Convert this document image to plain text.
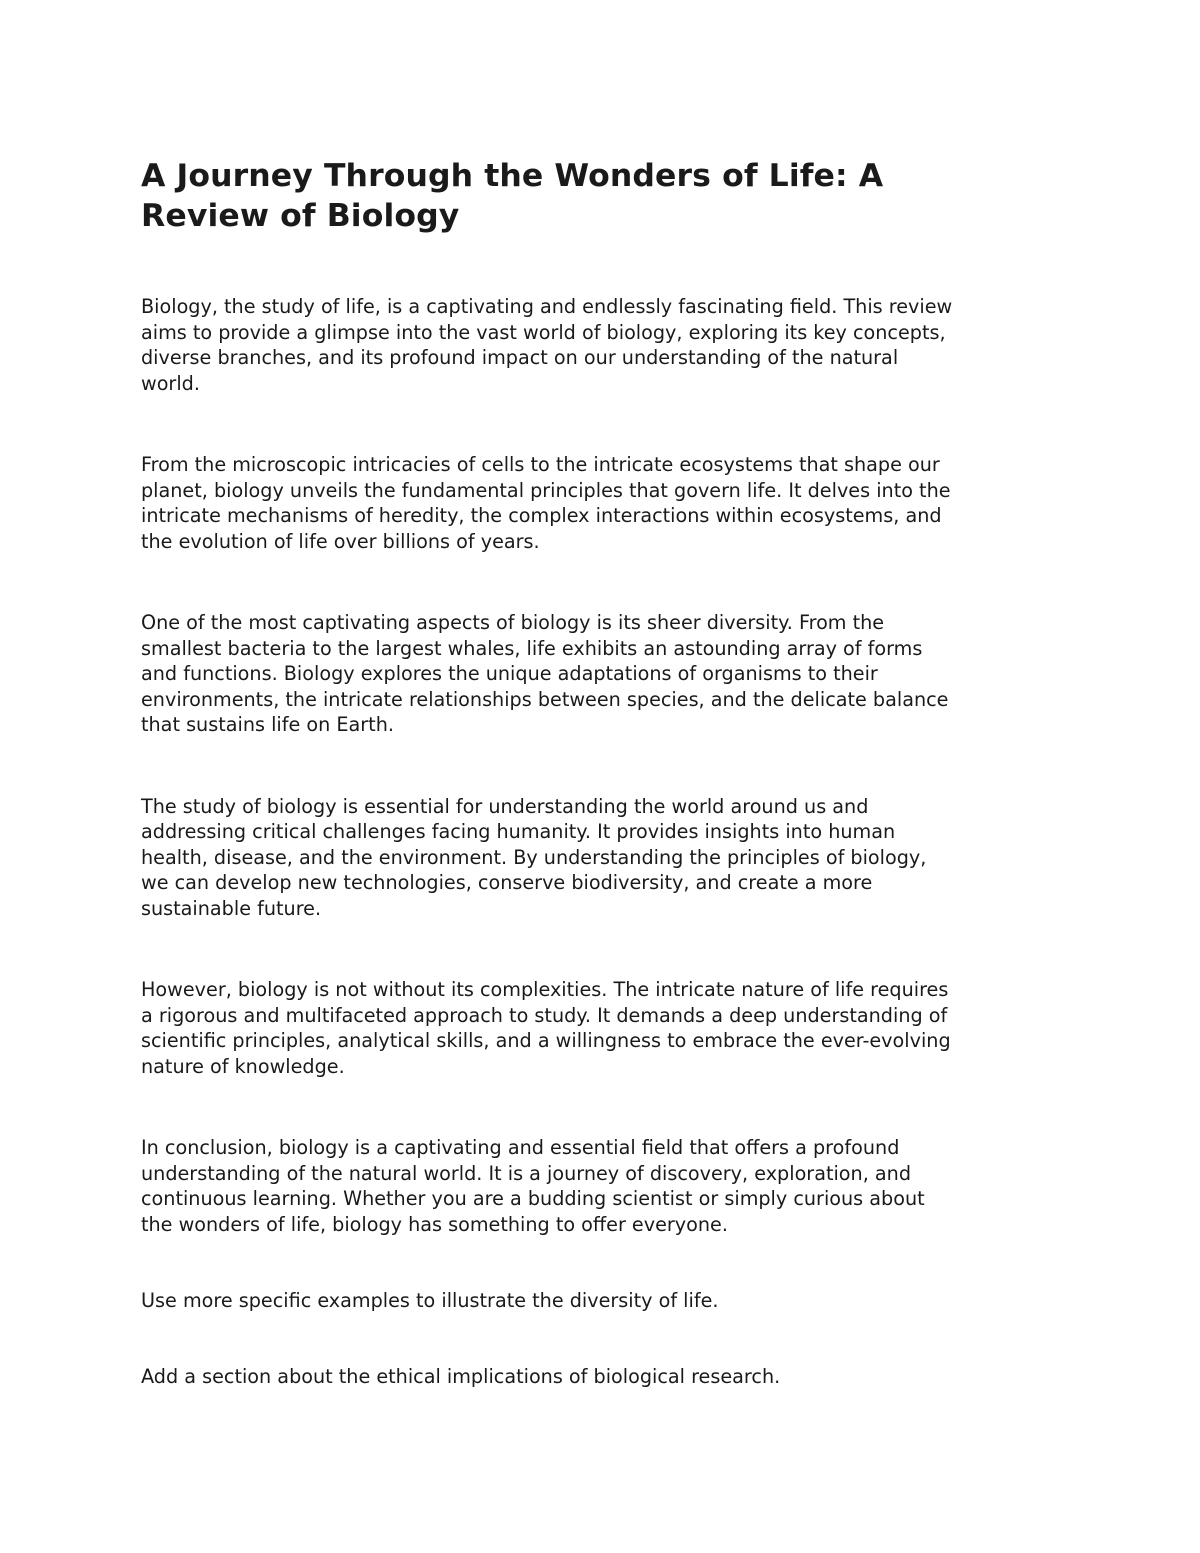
A Journey Through the Wonders of Life: A
Review of Biology

Biology, the study of life, is a captivating and endlessly fascinating field. This review
aims to provide a glimpse into the vast world of biology, exploring its key concepts,
diverse branches, and its profound impact on our understanding of the natural
world.

From the microscopic intricacies of cells to the intricate ecosystems that shape our
planet, biology unveils the fundamental principles that govern life. It delves into the
intricate mechanisms of heredity, the complex interactions within ecosystems, and
the evolution of life over billions of years.

One of the most captivating aspects of biology is its sheer diversity. From the
smallest bacteria to the largest whales, life exhibits an astounding array of forms
and functions. Biology explores the unique adaptations of organisms to their
environments, the intricate relationships between species, and the delicate balance
that sustains life on Earth.

The study of biology is essential for understanding the world around us and
addressing critical challenges facing humanity. It provides insights into human
health, disease, and the environment. By understanding the principles of biology,
we can develop new technologies, conserve biodiversity, and create a more
sustainable future.

However, biology is not without its complexities. The intricate nature of life requires
a rigorous and multifaceted approach to study. It demands a deep understanding of
scientific principles, analytical skills, and a willingness to embrace the ever-evolving
nature of knowledge.

In conclusion, biology is a captivating and essential field that offers a profound
understanding of the natural world. It is a journey of discovery, exploration, and
continuous learning. Whether you are a budding scientist or simply curious about
the wonders of life, biology has something to offer everyone.

Use more specific examples to illustrate the diversity of life.

Add a section about the ethical implications of biological research.
